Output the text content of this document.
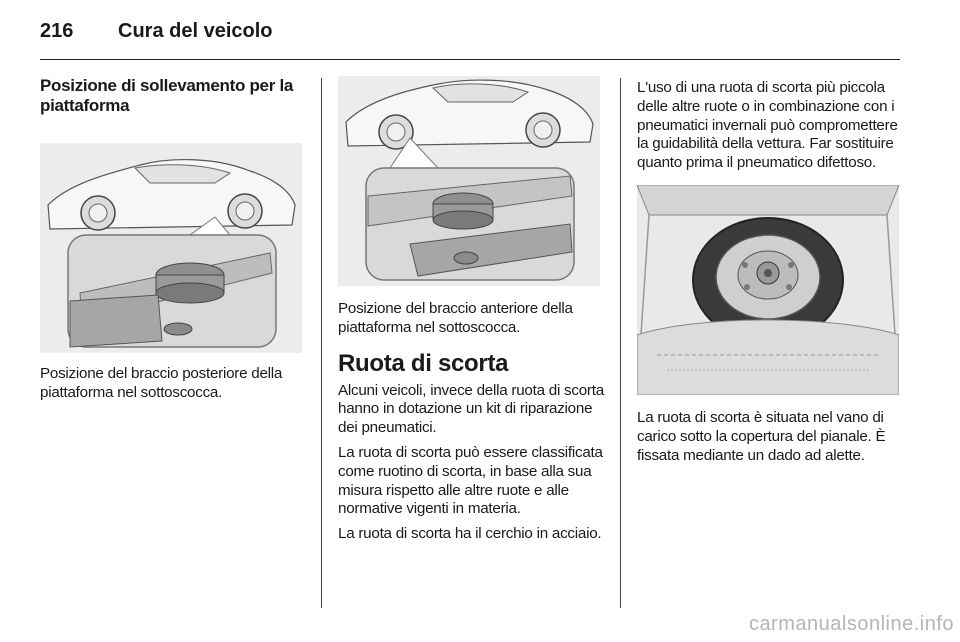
216	Cura del veicolo
Posizione di sollevamento per la piattaforma

Posizione del braccio posteriore della piattaforma nel sottoscocca.

Posizione del braccio anteriore della piattaforma nel sottoscocca.

Ruota di scorta

Alcuni veicoli, invece della ruota di scorta hanno in dotazione un kit di riparazione dei pneumatici.

La ruota di scorta può essere classificata come ruotino di scorta, in base alla sua misura rispetto alle altre ruote e alle normative vigenti in materia.

La ruota di scorta ha il cerchio in acciaio.

L'uso di una ruota di scorta più piccola delle altre ruote o in combinazione con i pneumatici invernali può compromettere la guidabilità della vettura. Far sostituire quanto prima il pneumatico difettoso.

La ruota di scorta è situata nel vano di carico sotto la copertura del pianale. È fissata mediante un dado ad alette.

carmanualsonline.info
